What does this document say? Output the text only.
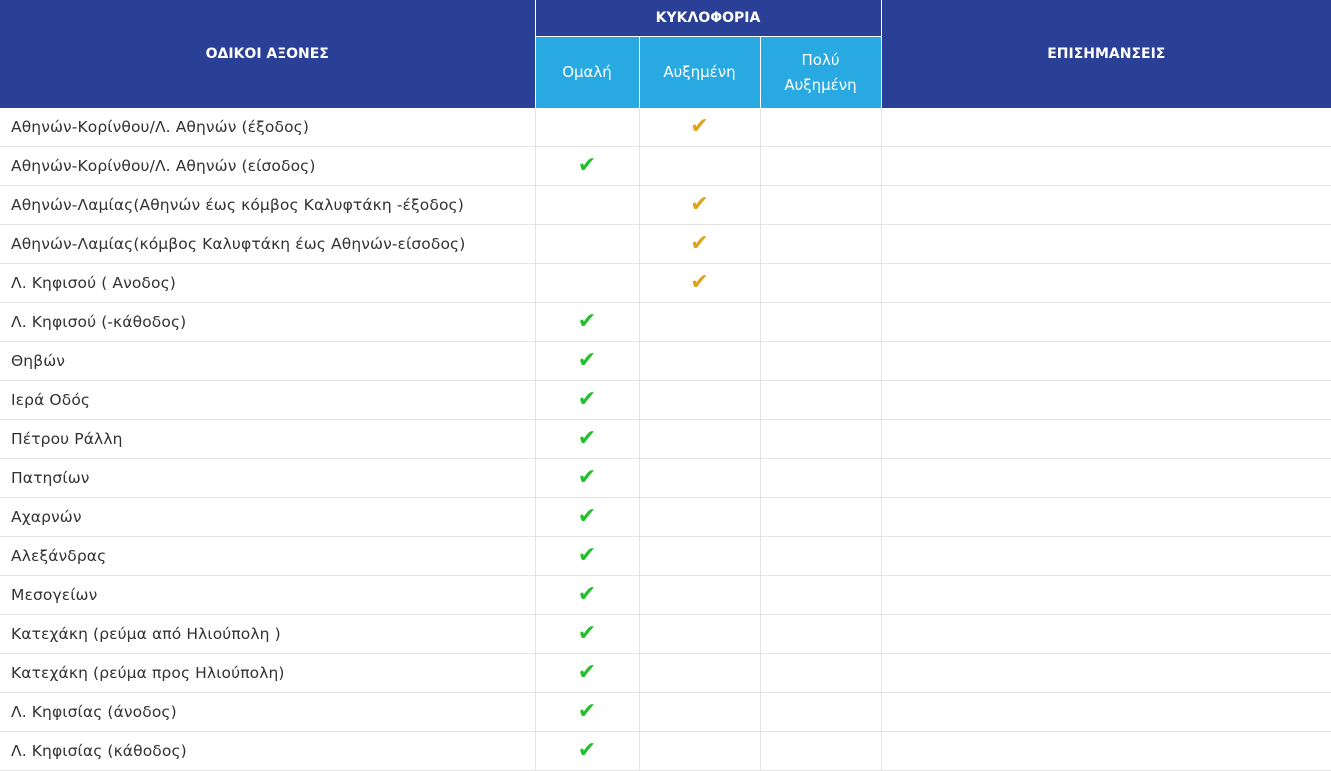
ΟΔΙΚΟΙ ΑΞΟΝΕΣ	ΚΥΚΛΟΦΟΡΙΑ			ΕΠΙΣΗΜΑΝΣΕΙΣ
	Ομαλή	Αυξημένη	Πολύ
Αυξημένη	
Αθηνών-Κορίνθου/Λ. Αθηνών (έξοδος)		✔		
Αθηνών-Κορίνθου/Λ. Αθηνών (είσοδος)	✔			
Αθηνών-Λαμίας(Αθηνών έως κόμβος Καλυφτάκη -έξοδος)		✔		
Αθηνών-Λαμίας(κόμβος Καλυφτάκη έως Αθηνών-είσοδος)		✔		
Λ. Κηφισού ( Ανοδος)		✔		
Λ. Κηφισού (-κάθοδος)	✔			
Θηβών	✔			
Ιερά Οδός	✔			
Πέτρου Ράλλη	✔			
Πατησίων	✔			
Αχαρνών	✔			
Αλεξάνδρας	✔			
Μεσογείων	✔			
Κατεχάκη (ρεύμα από Ηλιούπολη )	✔			
Κατεχάκη (ρεύμα προς Ηλιούπολη)	✔			
Λ. Κηφισίας (άνοδος)	✔			
Λ. Κηφισίας (κάθοδος)	✔			
